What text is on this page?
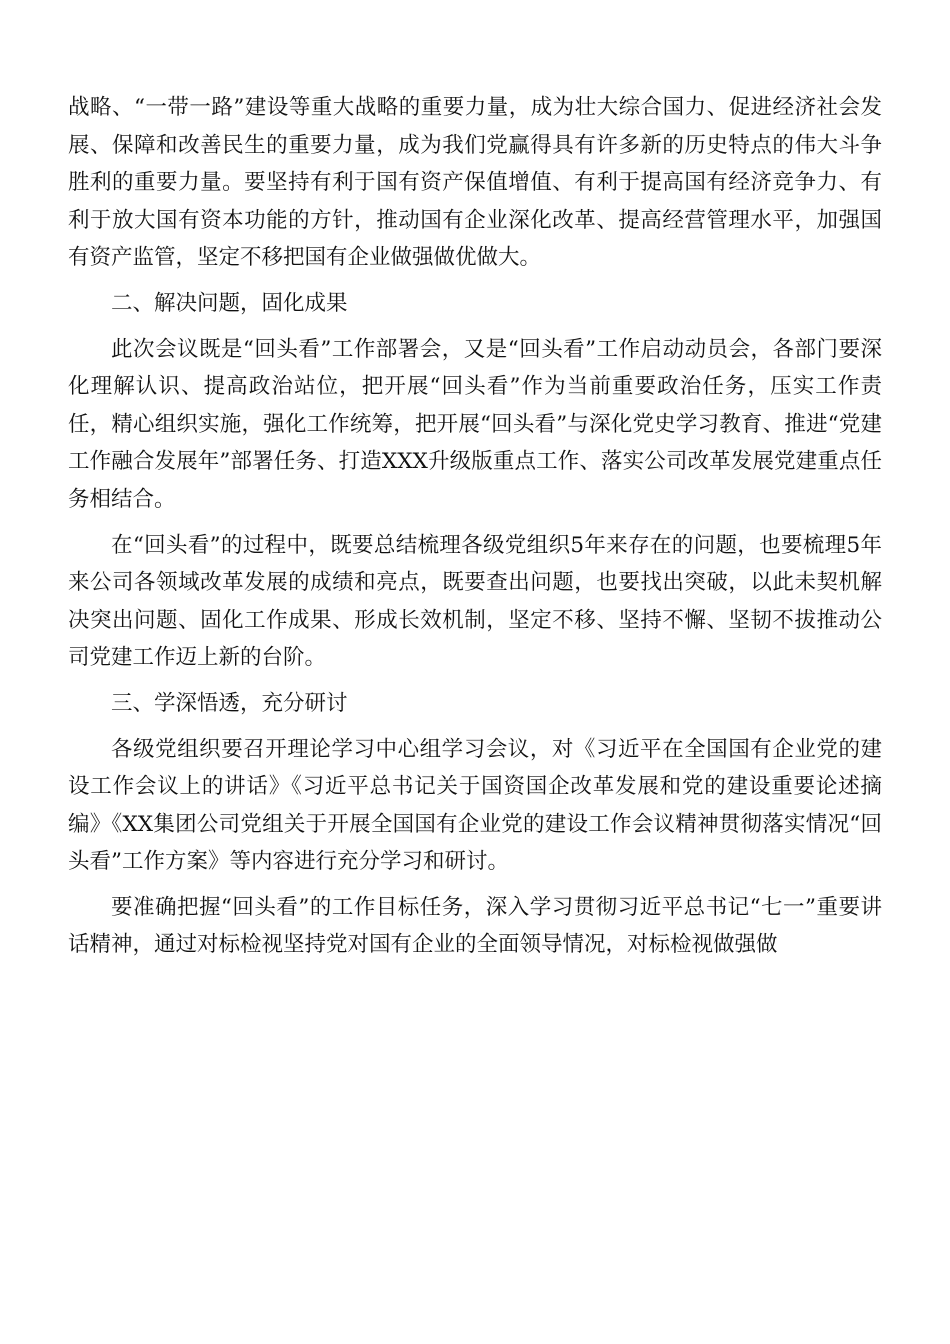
战略、“一带一路”建设等重大战略的重要力量，成为壮大综合国力、促进经济社会发展、保障和改善民生的重要力量，成为我们党赢得具有许多新的历史特点的伟大斗争胜利的重要力量。要坚持有利于国有资产保值增值、有利于提高国有经济竞争力、有利于放大国有资本功能的方针，推动国有企业深化改革、提高经营管理水平，加强国有资产监管，坚定不移把国有企业做强做优做大。

二、解决问题，固化成果

此次会议既是“回头看”工作部署会，又是“回头看”工作启动动员会，各部门要深化理解认识、提高政治站位，把开展“回头看”作为当前重要政治任务，压实工作责任，精心组织实施，强化工作统筹，把开展“回头看”与深化党史学习教育、推进“党建工作融合发展年”部署任务、打造XXX升级版重点工作、落实公司改革发展党建重点任务相结合。

在“回头看”的过程中，既要总结梳理各级党组织5年来存在的问题，也要梳理5年来公司各领域改革发展的成绩和亮点，既要查出问题，也要找出突破，以此未契机解决突出问题、固化工作成果、形成长效机制，坚定不移、坚持不懈、坚韧不拔推动公司党建工作迈上新的台阶。

三、学深悟透，充分研讨

各级党组织要召开理论学习中心组学习会议，对《习近平在全国国有企业党的建设工作会议上的讲话》《习近平总书记关于国资国企改革发展和党的建设重要论述摘编》《XX集团公司党组关于开展全国国有企业党的建设工作会议精神贯彻落实情况“回头看”工作方案》等内容进行充分学习和研讨。

要准确把握“回头看”的工作目标任务，深入学习贯彻习近平总书记“七一”重要讲话精神，通过对标检视坚持党对国有企业的全面领导情况，对标检视做强做
